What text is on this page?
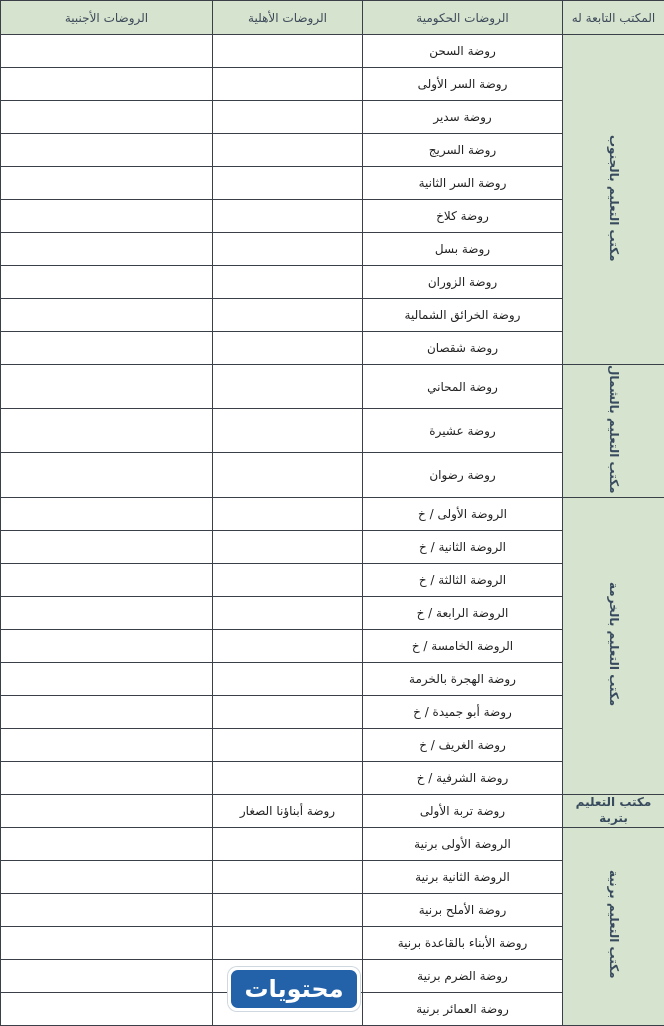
المكتب التابعة له	الروضات الحكومية	الروضات الأهلية	الروضات الأجنبية
مكتب التعليم بالجنوب	روضة السحن		
	روضة السر الأولى		
	روضة سدير		
	روضة السريج		
	روضة السر الثانية		
	روضة كلاخ		
	روضة بسل		
	روضة الزوران		
	روضة الخرائق الشمالية		
	روضة شقصان		
مكتب التعليم بالشمال	روضة المحاني		
	روضة عشيرة		
	روضة رضوان		
مكتب التعليم بالخرمة	الروضة الأولى / خ		
	الروضة الثانية / خ		
	الروضة الثالثة / خ		
	الروضة الرابعة / خ		
	الروضة الخامسة / خ		
	روضة الهجرة بالخرمة		
	روضة أبو جميدة / خ		
	روضة الغريف / خ		
	روضة الشرفية / خ		
مكتب التعليم بتربة	روضة تربة الأولى	روضة أبناؤنا الصغار	
مكتب التعليم برنية	الروضة الأولى برنية		
	الروضة الثانية برنية		
	روضة الأملح برنية		
	روضة الأبناء بالقاعدة برنية		
	روضة الضرم برنية		
	روضة العمائر برنية		
محتويات
